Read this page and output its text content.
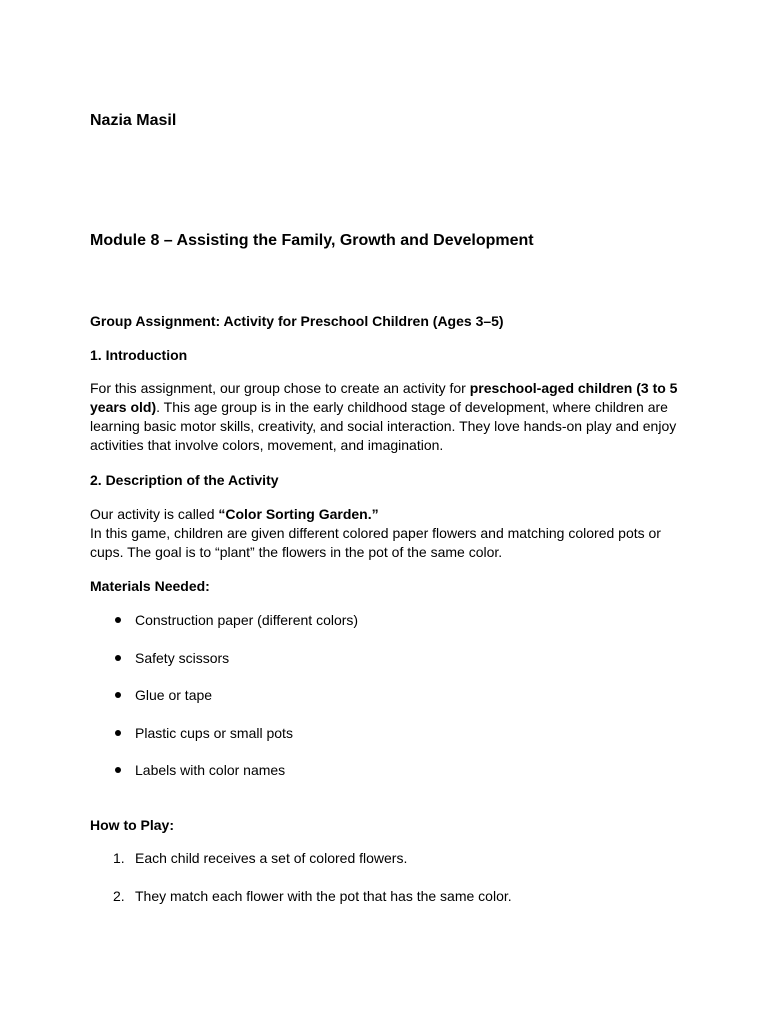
Nazia Masil
Module 8 – Assisting the Family, Growth and Development
Group Assignment: Activity for Preschool Children (Ages 3–5)
1. Introduction
For this assignment, our group chose to create an activity for preschool-aged children (3 to 5 years old). This age group is in the early childhood stage of development, where children are learning basic motor skills, creativity, and social interaction. They love hands-on play and enjoy activities that involve colors, movement, and imagination.
2. Description of the Activity
Our activity is called “Color Sorting Garden.”
In this game, children are given different colored paper flowers and matching colored pots or cups. The goal is to “plant” the flowers in the pot of the same color.
Materials Needed:
Construction paper (different colors)
Safety scissors
Glue or tape
Plastic cups or small pots
Labels with color names
How to Play:
1. Each child receives a set of colored flowers.
2. They match each flower with the pot that has the same color.
